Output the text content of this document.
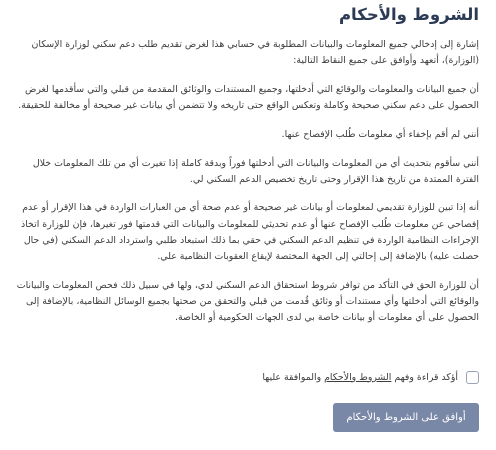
الشروط والأحكام

إشارة إلى إدخالي جميع المعلومات والبيانات المطلوبة في حسابي هذا لغرض تقديم طلب دعم سكني لوزارة الإسكان (الوزارة)، أتعهد وأوافق على جميع النقاط التالية:

أن جميع البيانات والمعلومات والوقائع التي أدخلتها، وجميع المستندات والوثائق المقدمة من قبلي والتي سأقدمها لغرض الحصول على دعم سكني صحيحة وكاملة وتعكس الواقع حتى تاريخه ولا تتضمن أي بيانات غير صحيحة أو مخالفة للحقيقة.

أنني لم أقم بإخفاء أي معلومات طُلب الإفصاح عنها.

أنني سأقوم بتحديث أي من المعلومات والبيانات التي أدخلتها فوراً وبدقة كاملة إذا تغيرت أي من تلك المعلومات خلال الفترة الممتدة من تاريخ هذا الإقرار وحتى تاريخ تخصيص الدعم السكني لي.

أنه إذا تبين للوزارة تقديمي لمعلومات أو بيانات غير صحيحة أو عدم صحة أي من العبارات الواردة في هذا الإقرار أو عدم إفصاحي عن معلومات طُلب الإفصاح عنها أو عدم تحديثي للمعلومات والبيانات التي قدمتها فور تغيرها، فإن للوزارة اتخاذ الإجراءات النظامية الواردة في تنظيم الدعم السكني في حقي بما ذلك استبعاد طلبي واسترداد الدعم السكني (في حال حصلت عليه) بالإضافة إلى إحالتي إلى الجهة المختصة لإيقاع العقوبات النظامية علي.

أن للوزارة الحق في التأكد من توافر شروط استحقاق الدعم السكني لدي، ولها في سبيل ذلك فحص المعلومات والبيانات والوقائع التي أدخلتها وأي مستندات أو وثائق قُدمت من قبلي والتحقق من صحتها بجميع الوسائل النظامية، بالإضافة إلى الحصول على أي معلومات أو بيانات خاصة بي لدى الجهات الحكومية أو الخاصة.

أؤكد قراءة وفهم الشروط والأحكام والموافقة عليها
أوافق على الشروط والأحكام
